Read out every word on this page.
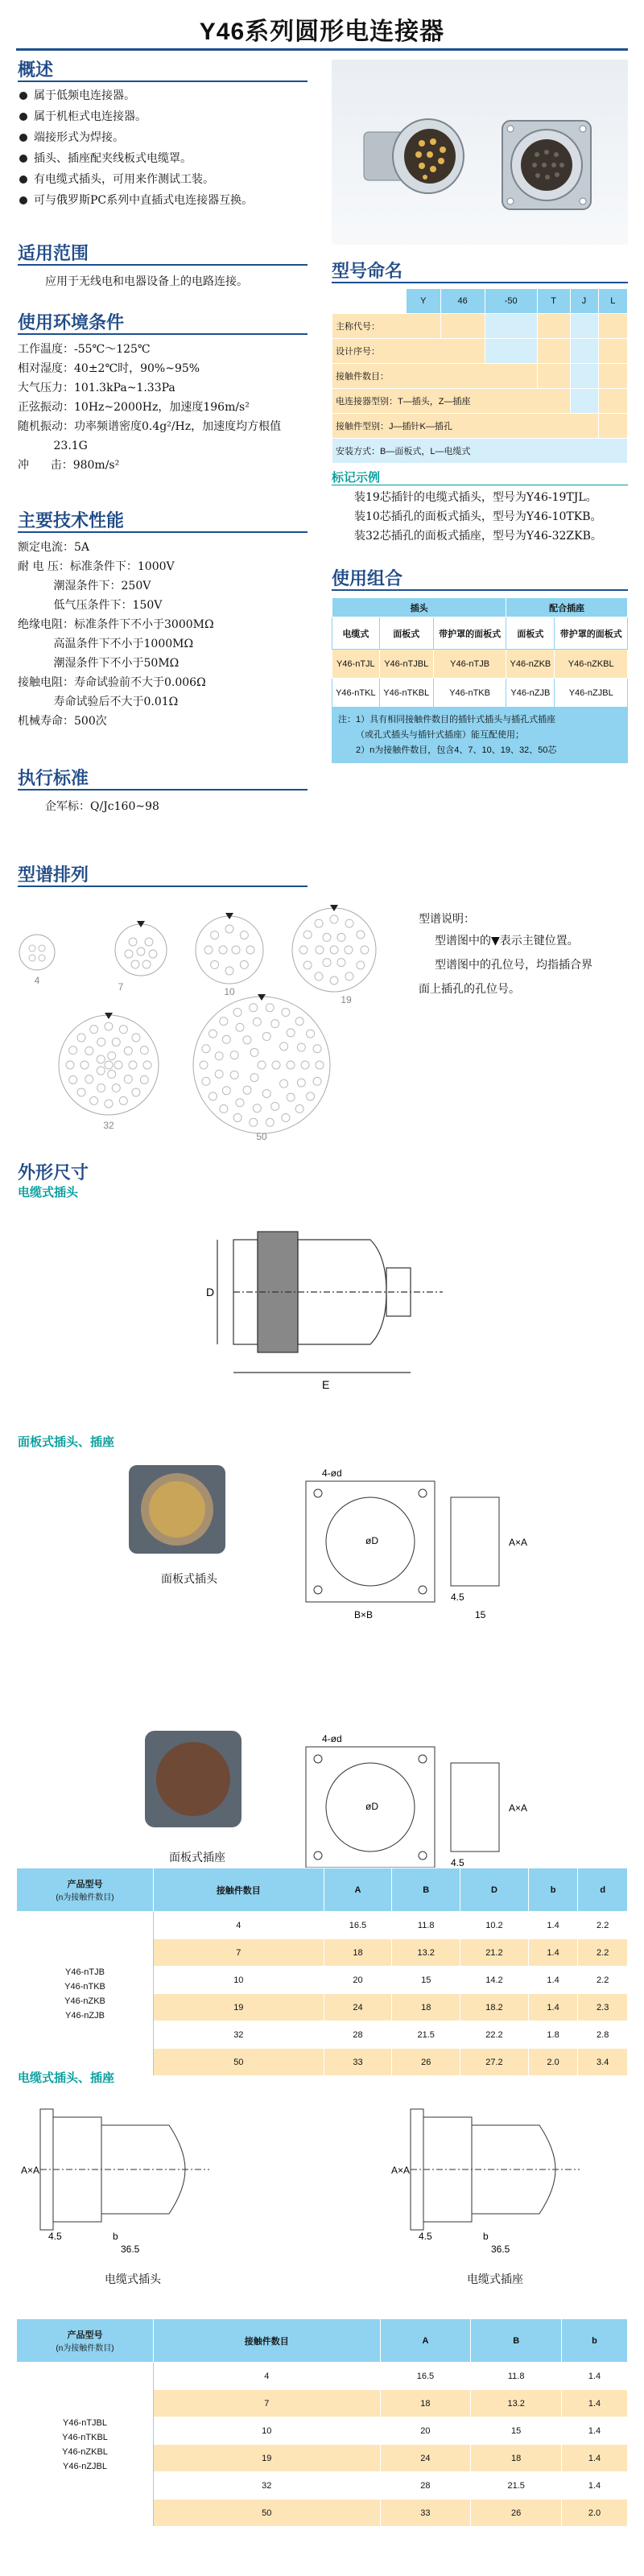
Y46系列圆形电连接器
概述
属于低频电连接器。
属于机柜式电连接器。
端接形式为焊接。
插头、插座配夹线板式电缆罩。
有电缆式插头，可用来作测试工装。
可与俄罗斯PC系列中直插式电连接器互换。
适用范围
应用于无线电和电器设备上的电路连接。
使用环境条件
工作温度：-55℃～125℃
相对湿度：40±2℃时，90%~95%
大气压力：101.3kPa~1.33Pa
正弦振动：10Hz~2000Hz，加速度196m/s²
随机振动：功率频谱密度0.4g²/Hz，加速度均方根值
23.1G
冲      击：980m/s²
主要技术性能
额定电流：5A
耐 电 压：标准条件下：1000V
潮湿条件下：250V
低气压条件下：150V
绝缘电阻：标准条件下不小于3000MΩ
高温条件下不小于1000MΩ
潮湿条件下不小于50MΩ
接触电阻：寿命试验前不大于0.006Ω
寿命试验后不大于0.01Ω
机械寿命：500次
执行标准
企军标：Q/Jc160~98
型号命名
	Y	46	-50	T	J	L
主称代号：						
设计序号：						
接触件数目：						
电连接器型别：T—插头，Z—插座						
接触件型别：J—插针K—插孔						
安装方式：B—面板式，L—电缆式						
标记示例
装19芯插针的电缆式插头，型号为Y46-19TJL。
装10芯插孔的面板式插头，型号为Y46-10TKB。
装32芯插孔的面板式插座，型号为Y46-32ZKB。
使用组合
插头			配合插座	
电缆式	面板式	带护罩的面板式	面板式	带护罩的面板式
Y46-nTJL	Y46-nTJBL	Y46-nTJB	Y46-nZKB	Y46-nZKBL
Y46-nTKL	Y46-nTKBL	Y46-nTKB	Y46-nZJB	Y46-nZJBL
注：1）具有相同接触件数目的插针式插头与插孔式插座
（或孔式插头与插针式插座）能互配使用；
2）n为接触件数目，包含4、7、10、19、32、50芯
型谱排列
4
7	10
19
32
50
型谱说明：
型谱图中的▼表示主键位置。
型谱图中的孔位号，均指插合界
面上插孔的孔位号。
外形尺寸
电缆式插头
D
E
面板式插头、插座
面板式插头
4-ød
øD
B×B
4.5
15
A×A
面板式插座
4-ød
øD
B×B
4.5
15
A×A
产品型号
(n为接触件数目)	接触件数目	A	B	D	b	d

Y46-nTJB
Y46-nTKB
Y46-nZKB
Y46-nZJB	4	16.5	11.8	10.2	1.4	2.2
	7	18	13.2	21.2	1.4	2.2
	10	20	15	14.2	1.4	2.2
	19	24	18	18.2	1.4	2.3
	32	28	21.5	22.2	1.8	2.8
	50	33	26	27.2	2.0	3.4
电缆式插头、插座
A×A
4.5	b
36.5
电缆式插头
A×A
4.5	b
36.5
电缆式插座
产品型号
(n为接触件数目)	接触件数目	A	B	b

Y46-nTJBL
Y46-nTKBL
Y46-nZKBL
Y46-nZJBL	4	16.5	11.8	1.4
	7	18	13.2	1.4
	10	20	15	1.4
	19	24	18	1.4
	32	28	21.5	1.4
	50	33	26	2.0
